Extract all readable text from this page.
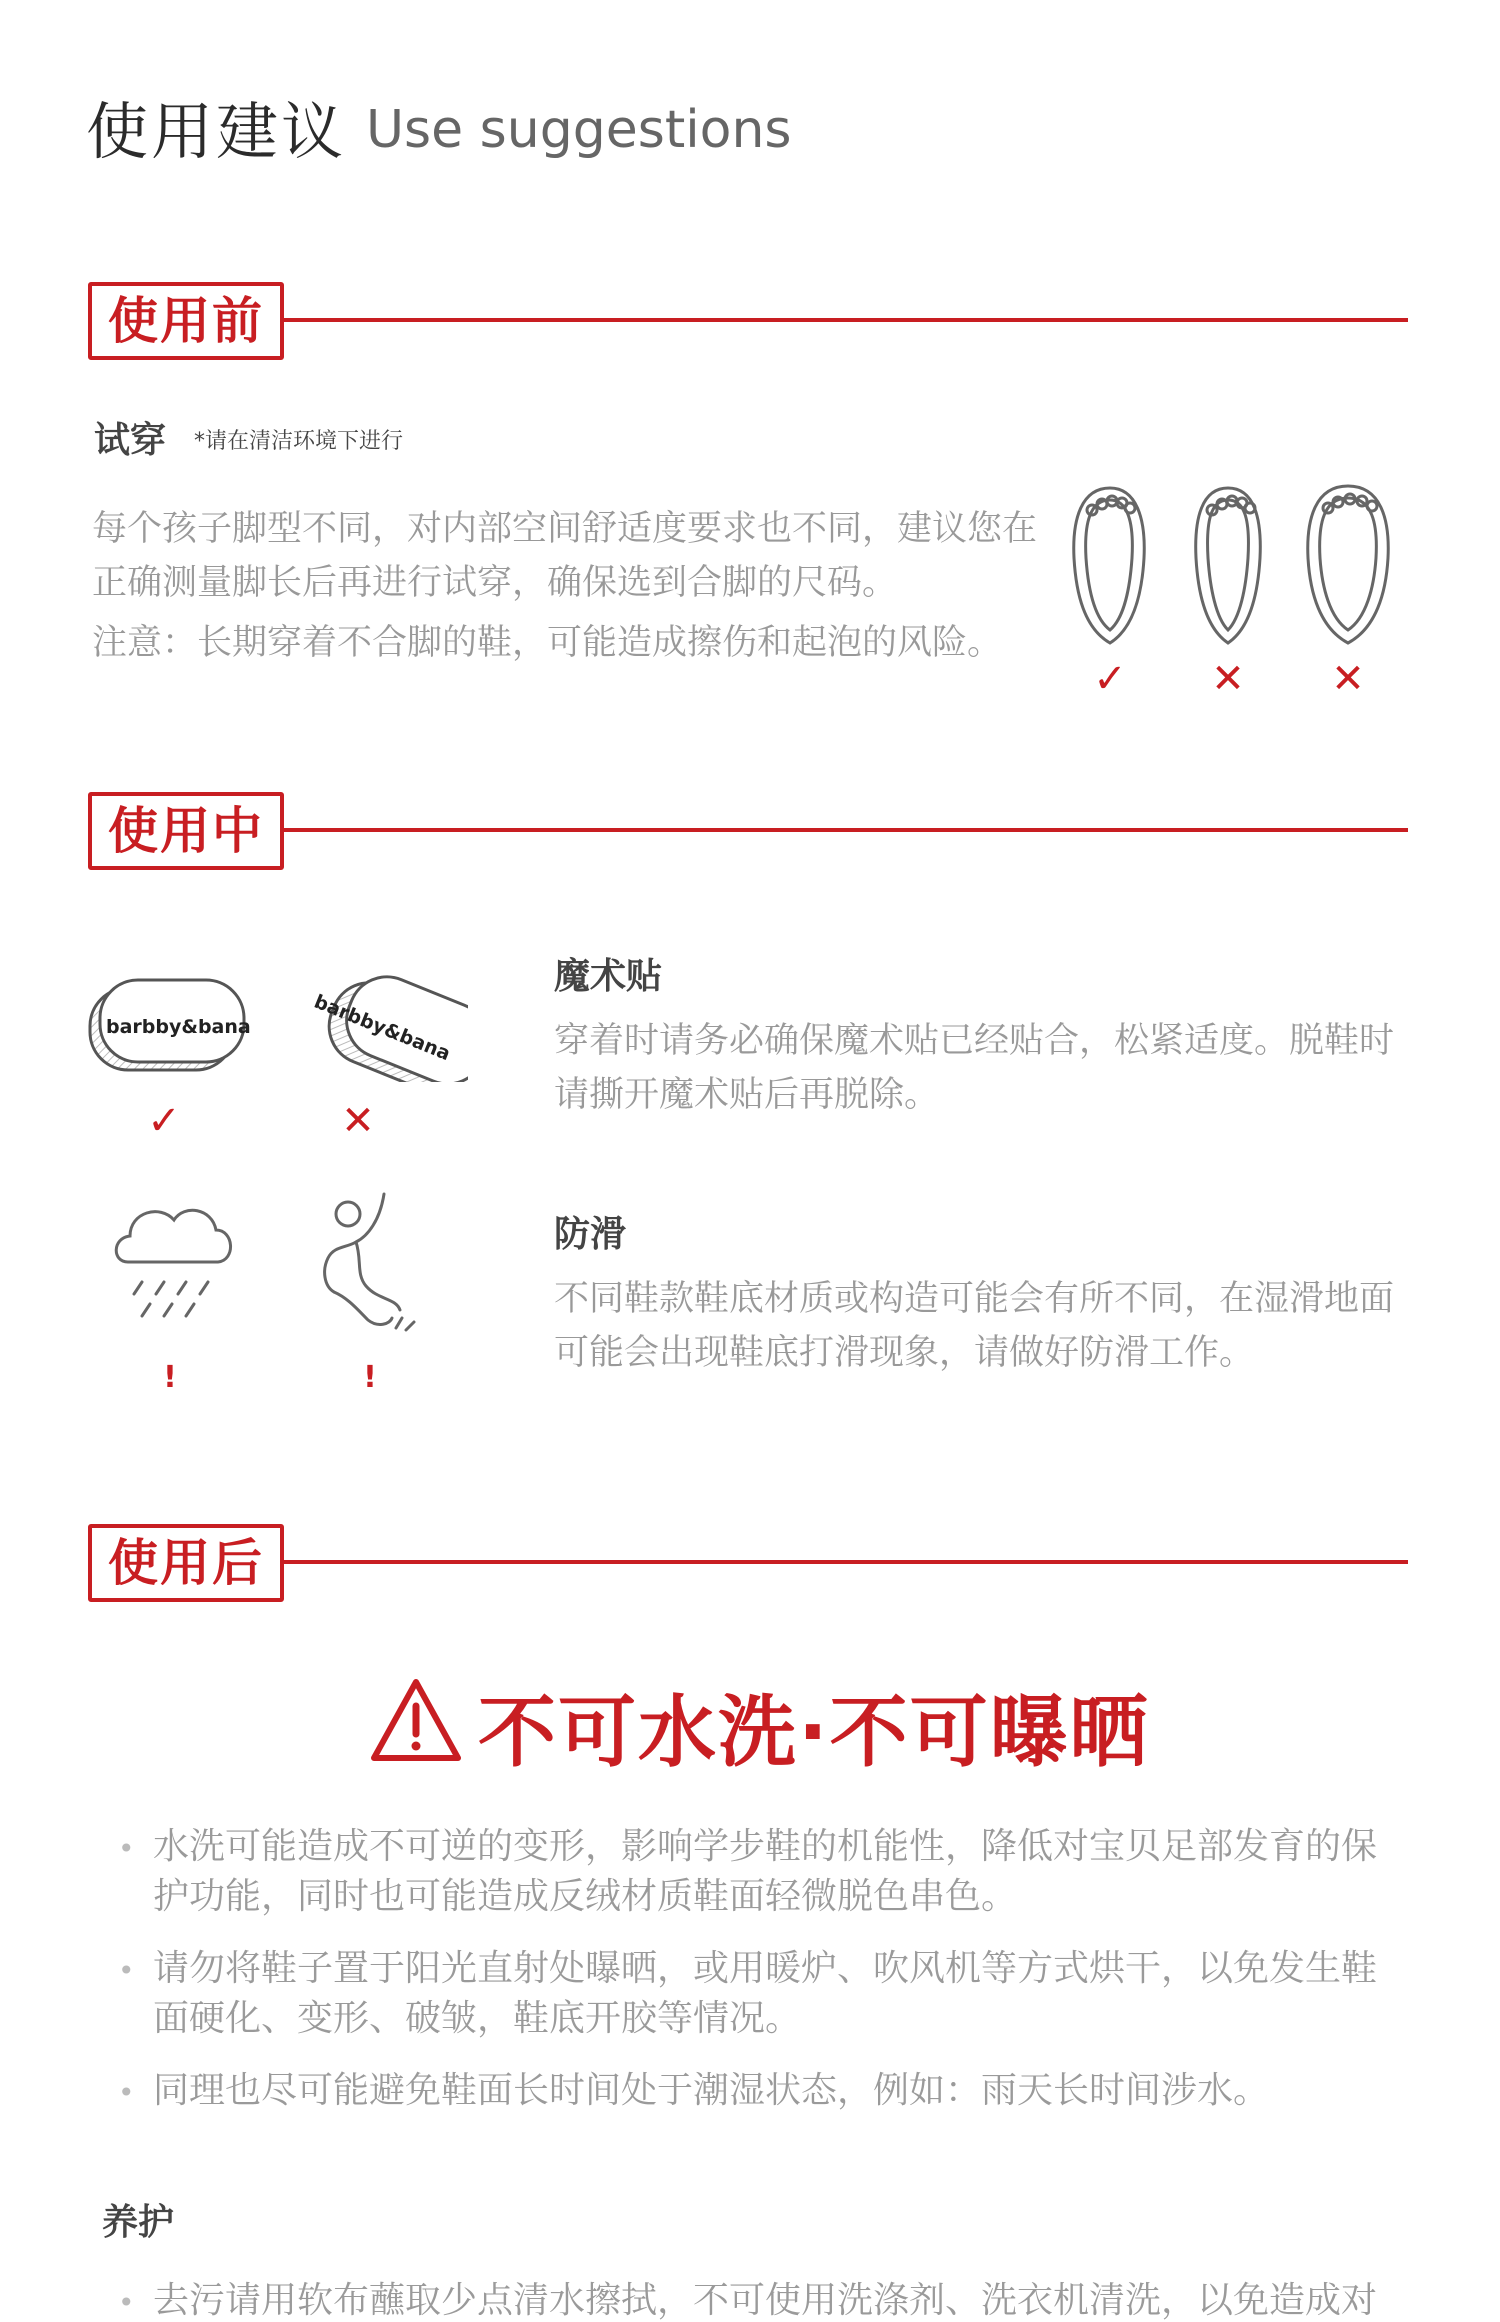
使用建议 Use suggestions
使用前
试穿 *请在清洁环境下进行
每个孩子脚型不同，对内部空间舒适度要求也不同，建议您在正确测量脚长后再进行试穿，确保选到合脚的尺码。
注意：长期穿着不合脚的鞋，可能造成擦伤和起泡的风险。
✓	✕	✕
使用中
barbby&bana	barbby&bana
✓	✕
魔术贴
穿着时请务必确保魔术贴已经贴合，松紧适度。脱鞋时请撕开魔术贴后再脱除。
!	!
防滑
不同鞋款鞋底材质或构造可能会有所不同，在湿滑地面可能会出现鞋底打滑现象，请做好防滑工作。
使用后
不可水洗·不可曝晒
• 水洗可能造成不可逆的变形，影响学步鞋的机能性，降低对宝贝足部发育的保护功能，同时也可能造成反绒材质鞋面轻微脱色串色。
• 请勿将鞋子置于阳光直射处曝晒，或用暖炉、吹风机等方式烘干，以免发生鞋面硬化、变形、破皱，鞋底开胶等情况。
• 同理也尽可能避免鞋面长时间处于潮湿状态，例如：雨天长时间涉水。
养护
• 去污请用软布蘸取少点清水擦拭，不可使用洗涤剂、洗衣机清洗，以免造成对
